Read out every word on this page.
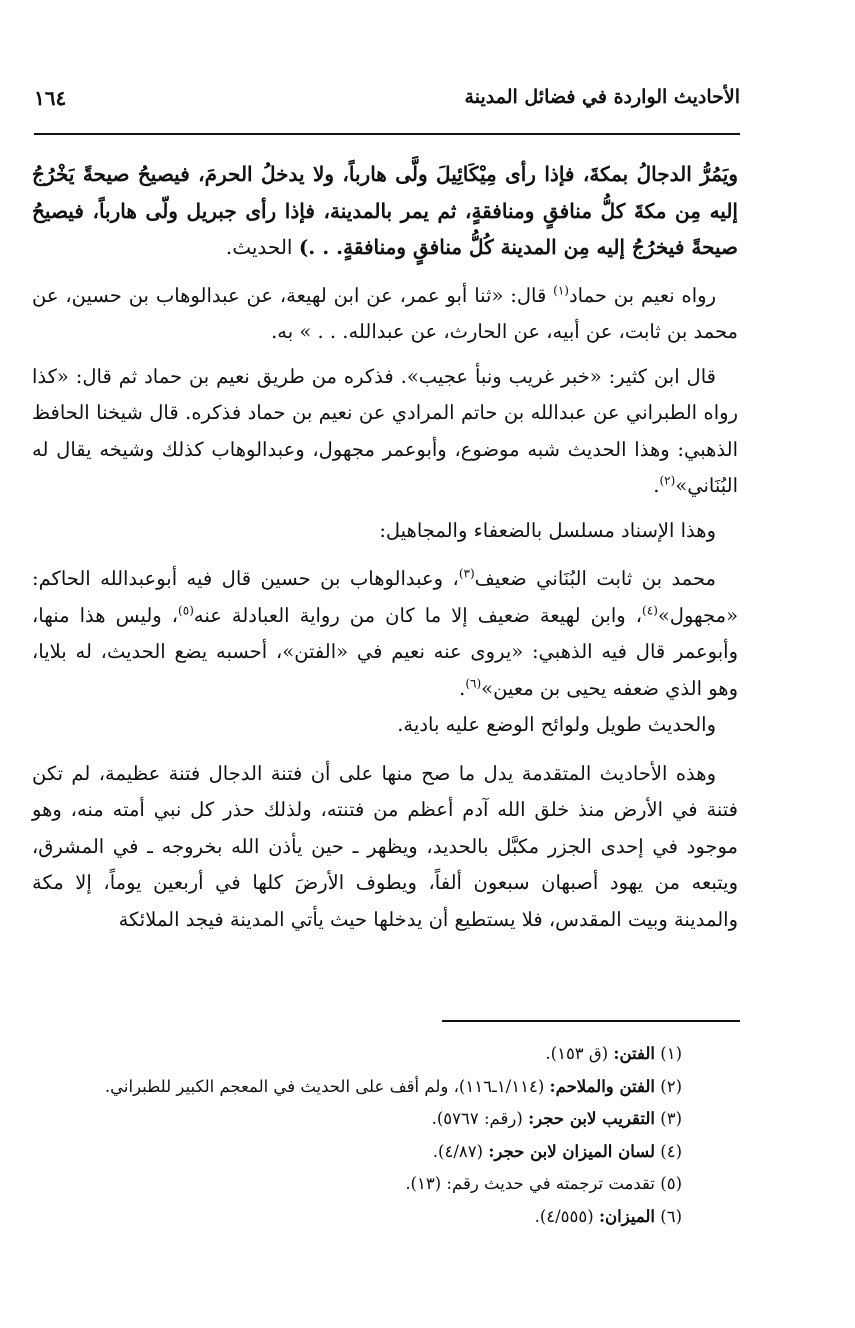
الأحاديث الواردة في فضائل المدينة
١٦٤

ويَمُرُّ الدجالُ بمكةَ، فإذا رأى مِيْكَائِيلَ ولَّى هارباً، ولا يدخلُ الحرمَ، فيصيحُ صيحةً يَخْرُجُ إليه مِن مكةَ كلُّ منافقٍ ومنافقةٍ، ثم يمر بالمدينة، فإذا رأى جبريل ولّى هارباً، فيصيحُ صيحةً فيخرُجُ إليه مِن المدينة كُلُّ منافقٍ ومنافقةٍ. . .) الحديث.

رواه نعيم بن حماد$^{(١)}$ قال: «ثنا أبو عمر، عن ابن لهيعة، عن عبدالوهاب بن حسين، عن محمد بن ثابت، عن أبيه، عن الحارث، عن عبدالله. . . » به.

قال ابن كثير: «خبر غريب ونبأ عجيب». فذكره من طريق نعيم بن حماد ثم قال: «كذا رواه الطبراني عن عبدالله بن حاتم المرادي عن نعيم بن حماد فذكره. قال شيخنا الحافظ الذهبي: وهذا الحديث شبه موضوع، وأبوعمر مجهول، وعبدالوهاب كذلك وشيخه يقال له البُنَاني»$^{(٢)}$.

وهذا الإسناد مسلسل بالضعفاء والمجاهيل:

محمد بن ثابت البُنَاني ضعيف$^{(٣)}$، وعبدالوهاب بن حسين قال فيه أبوعبدالله الحاكم: «مجهول»$^{(٤)}$، وابن لهيعة ضعيف إلا ما كان من رواية العبادلة عنه$^{(٥)}$، وليس هذا منها، وأبوعمر قال فيه الذهبي: «يروى عنه نعيم في «الفتن»، أحسبه يضع الحديث، له بلايا، وهو الذي ضعفه يحيى بن معين»$^{(٦)}$.

والحديث طويل ولوائح الوضع عليه بادية.

وهذه الأحاديث المتقدمة يدل ما صح منها على أن فتنة الدجال فتنة عظيمة، لم تكن فتنة في الأرض منذ خلق الله آدم أعظم من فتنته، ولذلك حذر كل نبي أمته منه، وهو موجود في إحدى الجزر مكبَّل بالحديد، ويظهر ـ حين يأذن الله بخروجه ـ في المشرق، ويتبعه من يهود أصبهان سبعون ألفاً، ويطوف الأرضَ كلها في أربعين يوماً، إلا مكة والمدينة وبيت المقدس، فلا يستطيع أن يدخلها حيث يأتي المدينة فيجد الملائكة

(١) الفتن: (ق ١٥٣).
(٢) الفتن والملاحم: (١/١١٤ـ١١٦)، ولم أقف على الحديث في المعجم الكبير للطبراني.
(٣) التقريب لابن حجر: (رقم: ٥٧٦٧).
(٤) لسان الميزان لابن حجر: (٤/٨٧).
(٥) تقدمت ترجمته في حديث رقم: (١٣).
(٦) الميزان: (٤/٥٥٥).
